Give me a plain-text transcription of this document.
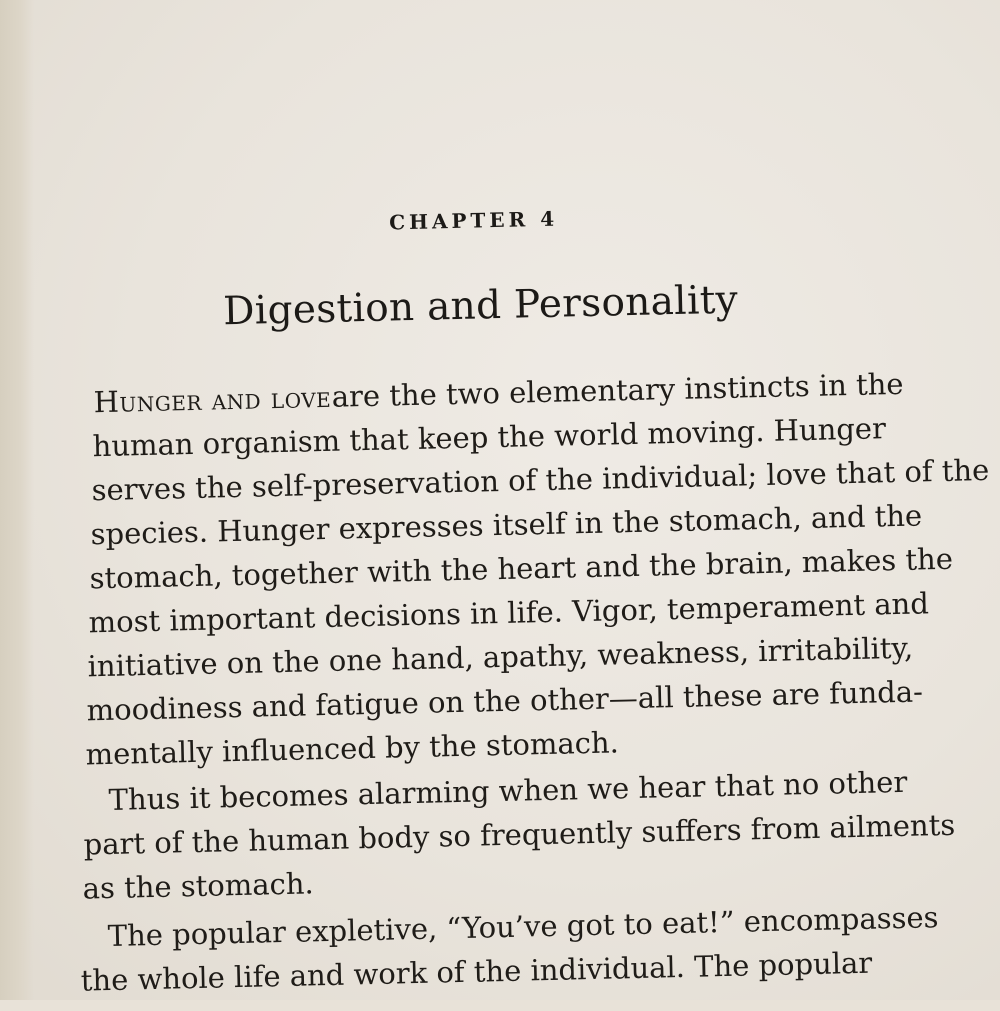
CHAPTER 4
Digestion and Personality
Hunger and love are the two elementary instincts in the
human organism that keep the world moving. Hunger
serves the self-preservation of the individual; love that of the
species. Hunger expresses itself in the stomach, and the
stomach, together with the heart and the brain, makes the
most important decisions in life. Vigor, temperament and
initiative on the one hand, apathy, weakness, irritability,
moodiness and fatigue on the other—all these are funda-
mentally influenced by the stomach.
Thus it becomes alarming when we hear that no other
part of the human body so frequently suffers from ailments
as the stomach.
The popular expletive, “You’ve got to eat!” encompasses
the whole life and work of the individual. The popular
